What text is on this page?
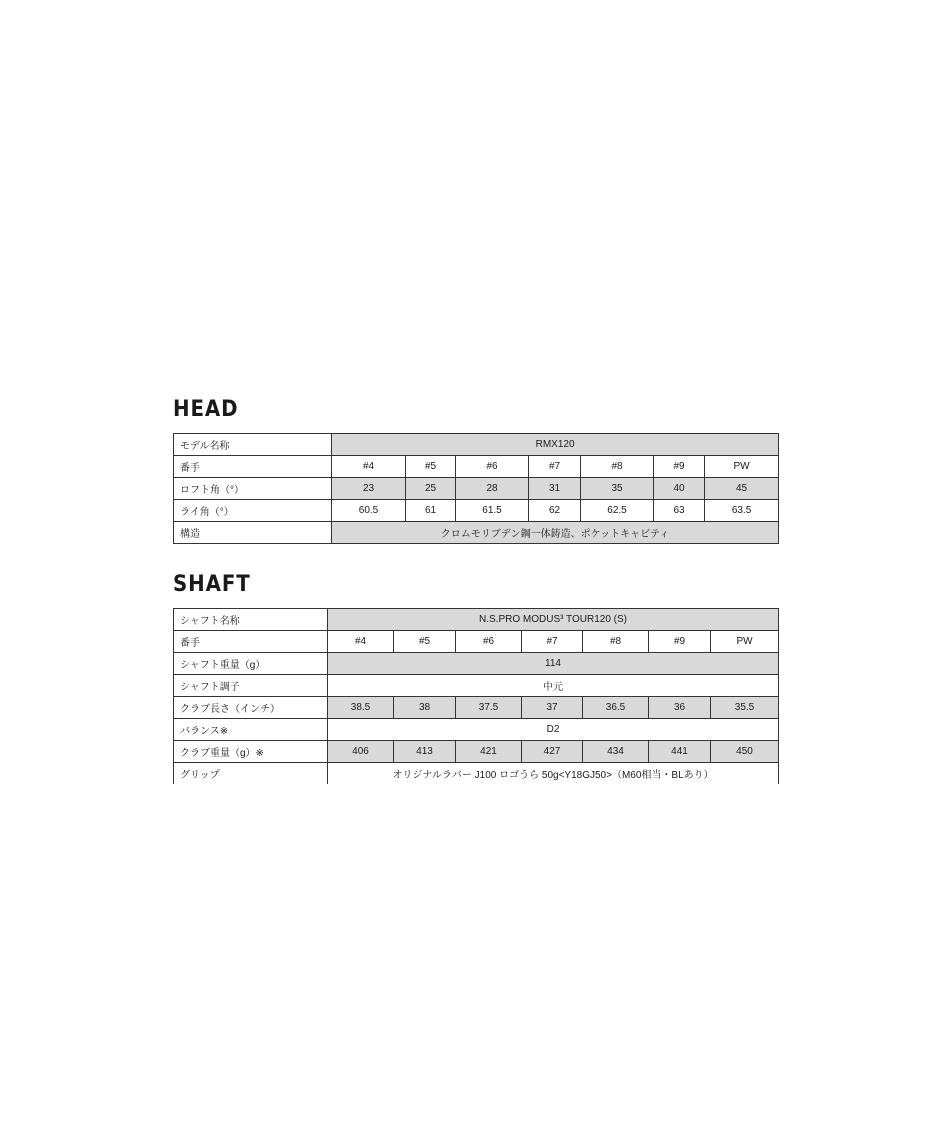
HEAD
モデル名称	RMX120						
番手	#4	#5	#6	#7	#8	#9	PW
ロフト角（°）	23	25	28	31	35	40	45
ライ角（°）	60.5	61	61.5	62	62.5	63	63.5
構造	クロムモリブデン鋼一体鋳造、ポケットキャビティ						
SHAFT
シャフト名称	N.S.PRO MODUS³ TOUR120 (S)						
番手	#4	#5	#6	#7	#8	#9	PW
シャフト重量（g）	114						
シャフト調子	中元						
クラブ長さ（インチ）	38.5	38	37.5	37	36.5	36	35.5
バランス※	D2						
クラブ重量（g）※	406	413	421	427	434	441	450
グリップ	オリジナルラバー J100 ロゴうら 50g<Y18GJ50>（M60相当・BLあり）						
